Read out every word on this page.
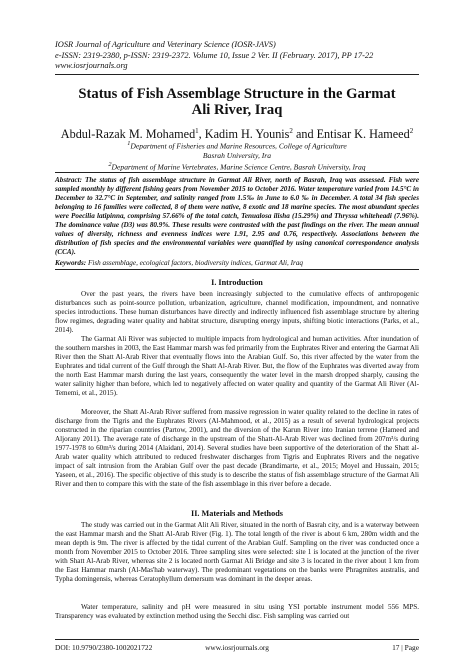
IOSR Journal of Agriculture and Veterinary Science (IOSR-JAVS)
e-ISSN: 2319-2380, p-ISSN: 2319-2372. Volume 10, Issue 2 Ver. II (February. 2017), PP 17-22
www.iosrjournals.org
Status of Fish Assemblage Structure in the Garmat
Ali River, Iraq
Abdul-Razak M. Mohamed$^1$, Kadim H. Younis$^2$ and Entisar K. Hameed$^2$
$^1$Department of Fisheries and Marine Resources, College of Agriculture
Basrah University, Ira
$^2$Department of Marine Vertebrates, Marine Science Centre, Basrah University, Iraq
Abstract: The status of fish assemblage structure in Garmat Ali River, north of Basrah, Iraq was assessed. Fish were sampled monthly by different fishing gears from November 2015 to October 2016. Water temperature varied from 14.5°C in December to 32.7°C in September, and salinity ranged from 1.5‰ in June to 6.0 ‰ in December. A total 34 fish species belonging to 16 families were collected, 8 of them were native, 8 exotic and 18 marine species. The most abundant species were Poecilia latipinna, comprising 57.66% of the total catch, Tenualosa ilisha (15.29%) and Thryssa whiteheadi (7.96%). The dominance value (D3) was 80.9%. These results were contrasted with the past findings on the river. The mean annual values of diversity, richness and evenness indices were 1.91, 2.95 and 0.76, respectively. Associations between the distribution of fish species and the environmental variables were quantified by using canonical correspondence analysis (CCA).
Keywords: Fish assemblage, ecological factors, biodiversity indices, Garmat Ali, Iraq
I. Introduction
Over the past years, the rivers have been increasingly subjected to the cumulative effects of anthropogenic disturbances such as point-source pollution, urbanization, agriculture, channel modification, impoundment, and nonnative species introductions. These human disturbances have directly and indirectly influenced fish assemblage structure by altering flow regimes, degrading water quality and habitat structure, disrupting energy inputs, shifting biotic interactions (Parks, et al., 2014).
The Garmat Ali River was subjected to multiple impacts from hydrological and human activities. After inundation of the southern marshes in 2003, the East Hammar marsh was fed primarily from the Euphrates River and entering the Garmat Ali River then the Shatt Al-Arab River that eventually flows into the Arabian Gulf. So, this river affected by the water from the Euphrates and tidal current of the Gulf through the Shatt Al-Arab River. But, the flow of the Euphrates was diverted away from the north East Hammar marsh during the last years, consequently the water level in the marsh dropped sharply, causing the water salinity higher than before, which led to negatively affected on water quality and quantity of the Garmat Ali River (Al-Tememi, et al., 2015).
Moreover, the Shatt Al-Arab River suffered from massive regression in water quality related to the decline in rates of discharge from the Tigris and the Euphrates Rivers (Al-Mahmood, et al., 2015) as a result of several hydrological projects constructed in the riparian countries (Partow, 2001), and the diversion of the Karun River into Iranian terrene (Hameed and Aljorany 2011). The average rate of discharge in the upstream of the Shatt-Al-Arab River was declined from 207m³/s during 1977-1978 to 60m³/s during 2014 (Alaidani, 2014). Several studies have been supportive of the deterioration of the Shatt al-Arab water quality which attributed to reduced freshwater discharges from Tigris and Euphrates Rivers and the negative impact of salt intrusion from the Arabian Gulf over the past decade (Brandimarte, et al., 2015; Moyel and Hussain, 2015; Yaseen, et al., 2016). The specific objective of this study is to describe the status of fish assemblage structure of the Garmat Ali River and then to compare this with the state of the fish assemblage in this river before a decade.
II. Materials and Methods
The study was carried out in the Garmat Alit Ali River, situated in the north of Basrah city, and is a waterway between the east Hammar marsh and the Shatt Al-Arab River (Fig. 1). The total length of the river is about 6 km, 280m width and the mean depth is 9m. The river is affected by the tidal current of the Arabian Gulf. Sampling on the river was conducted once a month from November 2015 to October 2016. Three sampling sites were selected: site 1 is located at the junction of the river with Shatt Al-Arab River, whereas site 2 is located north Garmat Ali Bridge and site 3 is located in the river about 1 km from the East Hammar marsh (Al-Mas'hab waterway). The predominant vegetations on the banks were Phragmites australis, and Typha domingensis, whereas Ceratophyllum demersum was dominant in the deeper areas.
Water temperature, salinity and pH were measured in situ using YSI portable instrument model 556 MPS. Transparency was evaluated by extinction method using the Secchi disc. Fish sampling was carried out
DOI: 10.9790/2380-1002021722	www.iosrjournals.org	17 | Page
